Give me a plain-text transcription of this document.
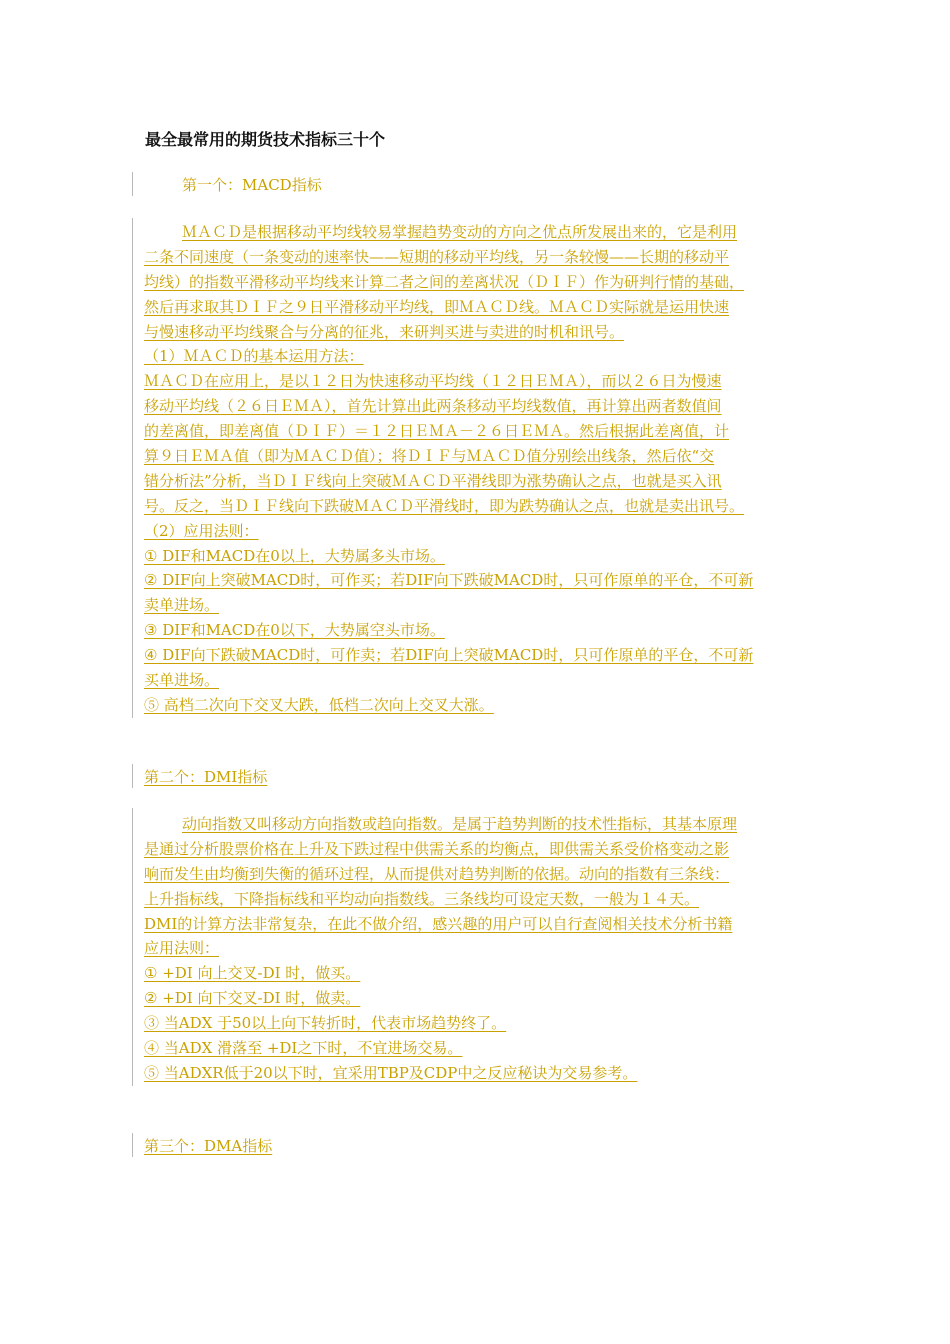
最全最常用的期货技术指标三十个
第一个：MACD指标
ＭＡＣＤ是根据移动平均线较易掌握趋势变动的方向之优点所发展出来的，它是利用
二条不同速度（一条变动的速率快——短期的移动平均线，另一条较慢——长期的移动平
均线）的指数平滑移动平均线来计算二者之间的差离状况（ＤＩＦ）作为研判行情的基础，
然后再求取其ＤＩＦ之９日平滑移动平均线，即ＭＡＣＤ线。ＭＡＣＤ实际就是运用快速
与慢速移动平均线聚合与分离的征兆，来研判买进与卖进的时机和讯号。
（1）ＭＡＣＤ的基本运用方法：
ＭＡＣＤ在应用上，是以１２日为快速移动平均线（１２日ＥＭＡ），而以２６日为慢速
移动平均线（２６日ＥＭＡ），首先计算出此两条移动平均线数值，再计算出两者数值间
的差离值，即差离值（ＤＩＦ）＝１２日ＥＭＡ－２６日ＥＭＡ。然后根据此差离值，计
算９日ＥＭＡ值（即为ＭＡＣＤ值）；将ＤＩＦ与ＭＡＣＤ值分别绘出线条，然后依“交
错分析法”分析，当ＤＩＦ线向上突破ＭＡＣＤ平滑线即为涨势确认之点，也就是买入讯
号。反之，当ＤＩＦ线向下跌破ＭＡＣＤ平滑线时，即为跌势确认之点，也就是卖出讯号。
（2）应用法则：
① DIF和MACD在0以上，大势属多头市场。
② DIF向上突破MACD时，可作买；若DIF向下跌破MACD时，只可作原单的平仓，不可新
卖单进场。
③ DIF和MACD在0以下，大势属空头市场。
④ DIF向下跌破MACD时，可作卖；若DIF向上突破MACD时，只可作原单的平仓，不可新
买单进场。
⑤ 高档二次向下交叉大跌，低档二次向上交叉大涨。
第二个：DMI指标
动向指数又叫移动方向指数或趋向指数。是属于趋势判断的技术性指标，其基本原理
是通过分析股票价格在上升及下跌过程中供需关系的均衡点，即供需关系受价格变动之影
响而发生由均衡到失衡的循环过程，从而提供对趋势判断的依据。动向的指数有三条线：
上升指标线，下降指标线和平均动向指数线。三条线均可设定天数，一般为１４天。
DMI的计算方法非常复杂，在此不做介绍，感兴趣的用户可以自行查阅相关技术分析书籍
应用法则：
① +DI 向上交叉-DI 时，做买。
② +DI 向下交叉-DI 时，做卖。
③ 当ADX 于50以上向下转折时，代表市场趋势终了。
④ 当ADX 滑落至 +DI之下时，不宜进场交易。
⑤ 当ADXR低于20以下时，宜采用TBP及CDP中之反应秘诀为交易参考。
第三个：DMA指标
